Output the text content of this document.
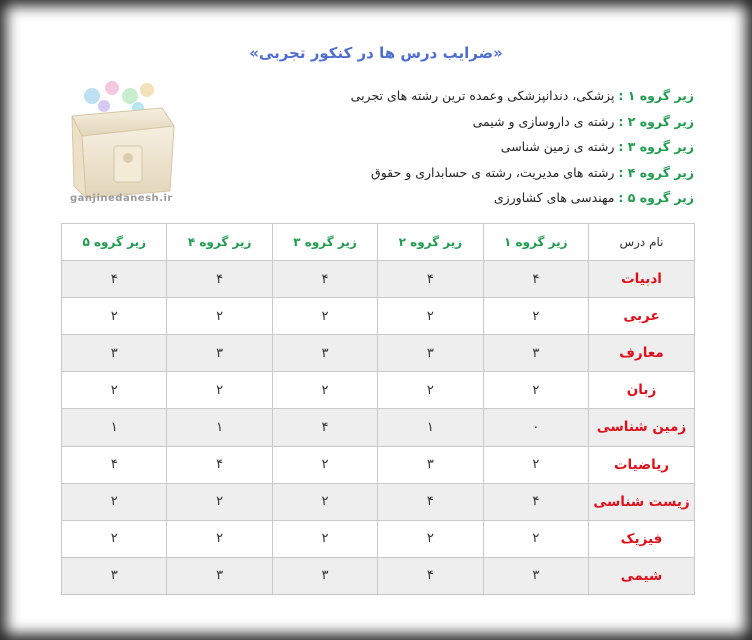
«ضرایب درس ها در کنکور تجربی»
ganjinedanesh.ir
زیر گروه ۱ : پزشکی، دندانپزشکی وعمده ترین رشته های تجربی
زیر گروه ۲ : رشته ی داروسازی و شیمی
زیر گروه ۳ : رشته ی زمین شناسی
زیر گروه ۴ : رشته های مدیریت، رشته ی حسابداری و حقوق
زیر گروه ۵ : مهندسی های کشاورزی
نام درس	زیر گروه ۱	زیر گروه ۲	زیر گروه ۳	زیر گروه ۴	زیر گروه ۵
ادبیات	۴	۴	۴	۴	۴
عربی	۲	۲	۲	۲	۲
معارف	۳	۳	۳	۳	۳
زبان	۲	۲	۲	۲	۲
زمین شناسی	۰	۱	۴	۱	۱
ریاضیات	۲	۳	۲	۴	۴
زیست شناسی	۴	۴	۲	۲	۲
فیزیک	۲	۲	۲	۲	۲
شیمی	۳	۴	۳	۳	۳
